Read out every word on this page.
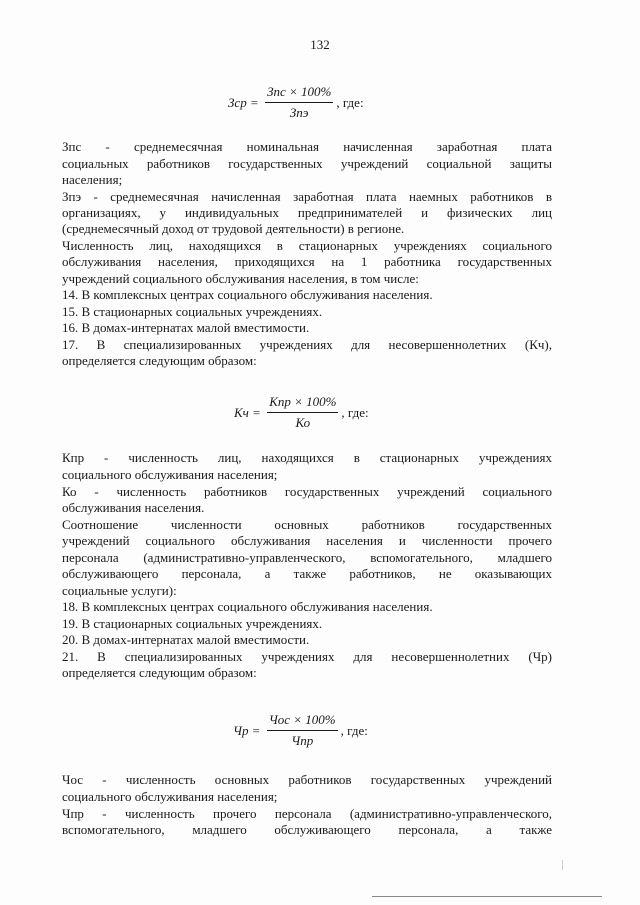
132
Зср = $\frac{\text{Зпс × 100\%}}{\text{Зпэ}}$ , где:

Зпс - среднемесячная номинальная начисленная заработная плата

социальных работников государственных учреждений социальной защиты

населения;

Зпэ - среднемесячная начисленная заработная плата наемных работников в

организациях, у индивидуальных предпринимателей и физических лиц

(среднемесячный доход от трудовой деятельности) в регионе.

Численность лиц, находящихся в стационарных учреждениях социального

обслуживания населения, приходящихся на 1 работника государственных

учреждений социального обслуживания населения, в том числе:

14. В комплексных центрах социального обслуживания населения.

15. В стационарных социальных учреждениях.

16. В домах-интернатах малой вместимости.

17. В специализированных учреждениях для несовершеннолетних (Кч),

определяется следующим образом:

Кч = $\frac{\text{Кпр × 100\%}}{Ко}$ , где:

Кпр - численность лиц, находящихся в стационарных учреждениях

социального обслуживания населения;

Ко - численность работников государственных учреждений социального

обслуживания населения.

Соотношение численности основных работников государственных

учреждений социального обслуживания населения и численности прочего

персонала (административно-управленческого, вспомогательного, младшего

обслуживающего персонала, а также работников, не оказывающих

социальные услуги):

18. В комплексных центрах социального обслуживания населения.

19. В стационарных социальных учреждениях.

20. В домах-интернатах малой вместимости.

21. В специализированных учреждениях для несовершеннолетних (Чр)

определяется следующим образом:

Чр = $\frac{\text{Чос × 100\%}}{\text{Чпр}}$ , где:

Чос - численность основных работников государственных учреждений

социального обслуживания населения;

Чпр - численность прочего персонала (административно-управленческого,

вспомогательного, младшего обслуживающего персонала, а также
